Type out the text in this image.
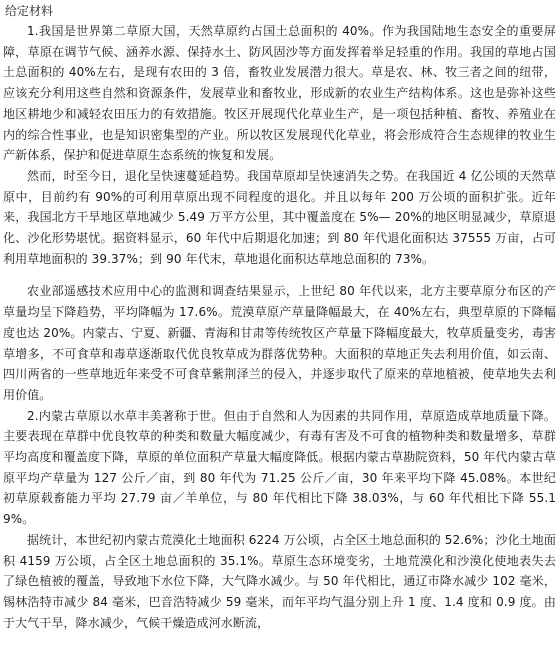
给定材料

1.我国是世界第二草原大国，天然草原约占国土总面积的 40%。作为我国陆地生态安全的重要屏障，草原在调节气候、涵养水源、保持水土、防风固沙等方面发挥着举足轻重的作用。我国的草地占国土总面积的 40%左右，是现有农田的 3 倍，畜牧业发展潜力很大。草是农、林、牧三者之间的纽带，应该充分利用这些自然和资源条件，发展草业和畜牧业，形成新的农业生产结构体系。这也是弥补这些地区耕地少和减轻农田压力的有效措施。牧区开展现代化草业生产，是一项包括种植、畜牧、养殖业在内的综合性事业，也是知识密集型的产业。所以牧区发展现代化草业，将会形成符合生态规律的牧业生产新体系，保护和促进草原生态系统的恢复和发展。

然而，时至今日，退化呈快速蔓延趋势。我国草原却呈快速消失之势。在我国近 4 亿公顷的天然草原中，目前约有 90%的可利用草原出现不同程度的退化。并且以每年 200 万公顷的面积扩张。近年来，我国北方干旱地区草地减少 5.49 万平方公里，其中覆盖度在 5%— 20%的地区明显减少，草原退化、沙化形势堪忧。据资料显示，60 年代中后期退化加速；到 80 年代退化面积达 37555 万亩，占可利用草地面积的 39.37%；到 90 年代末，草地退化面积达草地总面积的 73%。

农业部遥感技术应用中心的监测和调查结果显示，上世纪 80 年代以来，北方主要草原分布区的产草量均呈下降趋势，平均降幅为 17.6%。荒漠草原产草量降幅最大，在 40%左右，典型草原的下降幅度也达 20%。内蒙古、宁夏、新疆、青海和甘肃等传统牧区产草量下降幅度最大，牧草质量变劣，毒害草增多，不可食草和毒草逐渐取代优良牧草成为群落优势种。大面积的草地正失去利用价值，如云南、四川两省的一些草地近年来受不可食草紫荆泽兰的侵入，并逐步取代了原来的草地植被，使草地失去利用价值。

2.内蒙古草原以水草丰美著称于世。但由于自然和人为因素的共同作用，草原造成草地质量下降。主要表现在草群中优良牧草的种类和数量大幅度减少，有毒有害及不可食的植物种类和数量增多，草群平均高度和覆盖度下降，草原的单位面积产草量大幅度降低。根据内蒙古草勘院资料，50 年代内蒙古草原平均产草量为 127 公斤／亩，到 80 年代为 71.25 公斤／亩，30 年来平均下降 45.08%。本世纪初草原载畜能力平均 27.79 亩／羊单位，与 80 年代相比下降 38.03%，与 60 年代相比下降 55.19%。

据统计，本世纪初内蒙古荒漠化土地面积 6224 万公顷，占全区土地总面积的 52.6%；沙化土地面积 4159 万公顷，占全区土地总面积的 35.1%。草原生态环境变劣，土地荒漠化和沙漠化使地表失去了绿色植被的覆盖，导致地下水位下降，大气降水减少。与 50 年代相比，通辽市降水减少 102 毫米，锡林浩特市减少 84 毫米，巴音浩特减少 59 毫米，而年平均气温分别上升 1 度、1.4 度和 0.9 度。由于大气干旱，降水减少，气候干燥造成河水断流，
